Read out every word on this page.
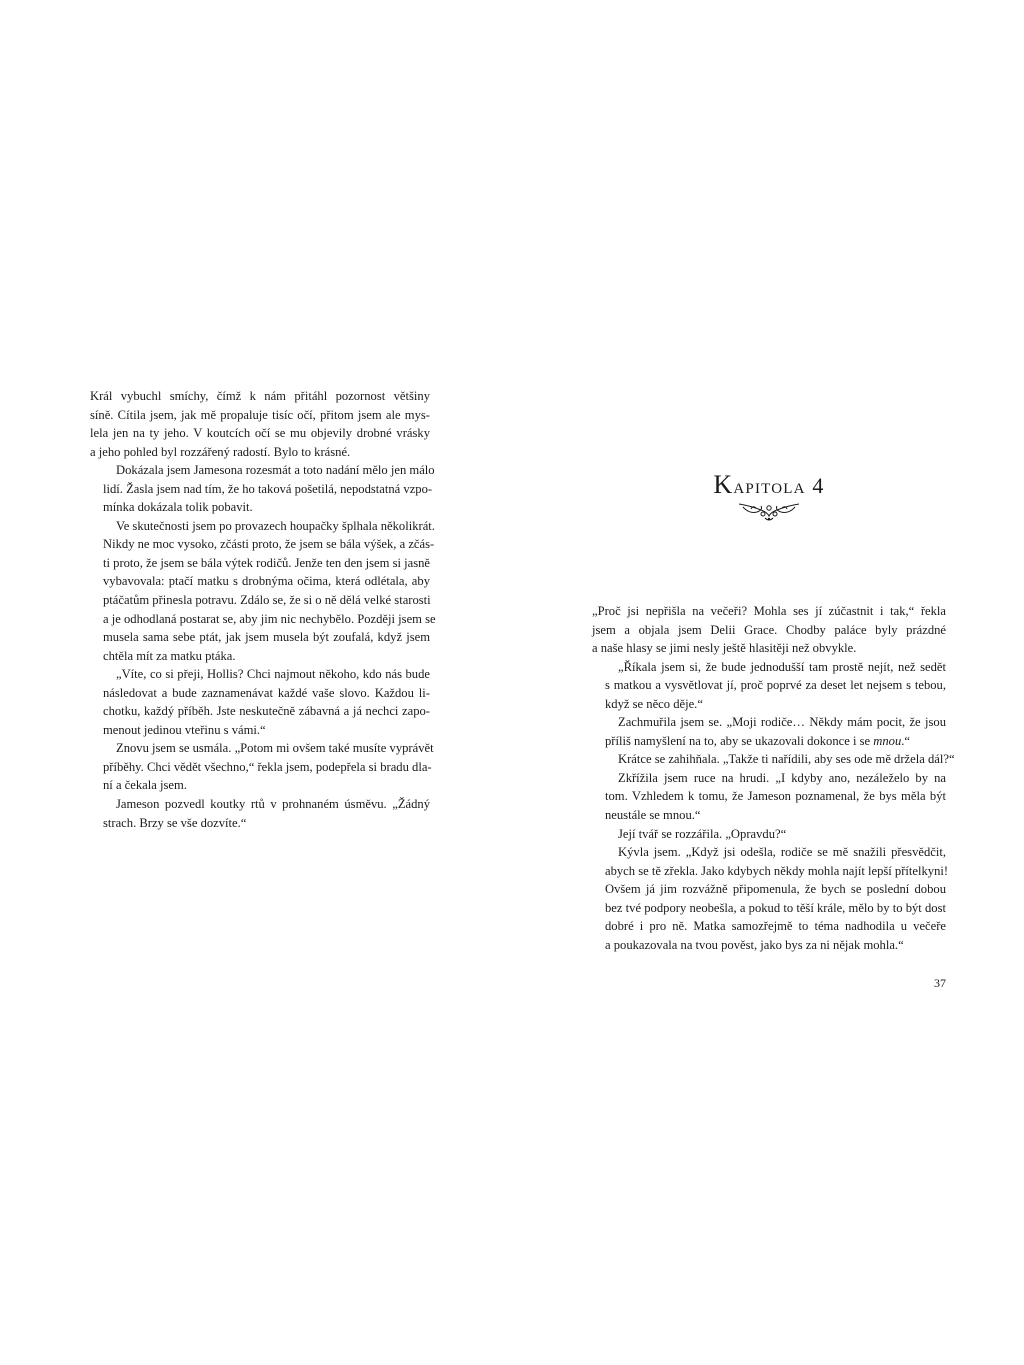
Král vybuchl smíchy, čímž k nám přitáhl pozornost většiny
síně. Cítila jsem, jak mě propaluje tisíc očí, přitom jsem ale mys-
lela jen na ty jeho. V koutcích očí se mu objevily drobné vrásky
a jeho pohled byl rozzářený radostí. Bylo to krásné.

Dokázala jsem Jamesona rozesmát a toto nadání mělo jen málo
lidí. Žasla jsem nad tím, že ho taková pošetilá, nepodstatná vzpo-
mínka dokázala tolik pobavit.

Ve skutečnosti jsem po provazech houpačky šplhala několikrát.
Nikdy ne moc vysoko, zčásti proto, že jsem se bála výšek, a zčás-
ti proto, že jsem se bála výtek rodičů. Jenže ten den jsem si jasně
vybavovala: ptačí matku s drobnýma očima, která odlétala, aby
ptáčatům přinesla potravu. Zdálo se, že si o ně dělá velké starosti
a je odhodlaná postarat se, aby jim nic nechybělo. Později jsem se
musela sama sebe ptát, jak jsem musela být zoufalá, když jsem
chtěla mít za matku ptáka.

„Víte, co si přeji, Hollis? Chci najmout někoho, kdo nás bude
následovat a bude zaznamenávat každé vaše slovo. Každou li-
chotku, každý příběh. Jste neskutečně zábavná a já nechci zapo-
menout jedinou vteřinu s vámi.“

Znovu jsem se usmála. „Potom mi ovšem také musíte vyprávět
příběhy. Chci vědět všechno,“ řekla jsem, podepřela si bradu dla-
ní a čekala jsem.

Jameson pozvedl koutky rtů v prohnaném úsměvu. „Žádný
strach. Brzy se vše dozvíte.“

Kapitola 4

„Proč jsi nepřišla na večeři? Mohla ses jí zúčastnit i tak,“ řekla
jsem a objala jsem Delii Grace. Chodby paláce byly prázdné
a naše hlasy se jimi nesly ještě hlasitěji než obvykle.

„Říkala jsem si, že bude jednodušší tam prostě nejít, než sedět
s matkou a vysvětlovat jí, proč poprvé za deset let nejsem s tebou,
když se něco děje.“

Zachmuřila jsem se. „Moji rodiče… Někdy mám pocit, že jsou
příliš namyšlení na to, aby se ukazovali dokonce i se mnou.“

Krátce se zahihňala. „Takže ti nařídili, aby ses ode mě držela dál?“

Zkřížila jsem ruce na hrudi. „I kdyby ano, nezáleželo by na
tom. Vzhledem k tomu, že Jameson poznamenal, že bys měla být
neustále se mnou.“

Její tvář se rozzářila. „Opravdu?“

Kývla jsem. „Když jsi odešla, rodiče se mě snažili přesvědčit,
abych se tě zřekla. Jako kdybych někdy mohla najít lepší přítelkyni!
Ovšem já jim rozvážně připomenula, že bych se poslední dobou
bez tvé podpory neobešla, a pokud to těší krále, mělo by to být dost
dobré i pro ně. Matka samozřejmě to téma nadhodila u večeře
a poukazovala na tvou pověst, jako bys za ni nějak mohla.“

37
